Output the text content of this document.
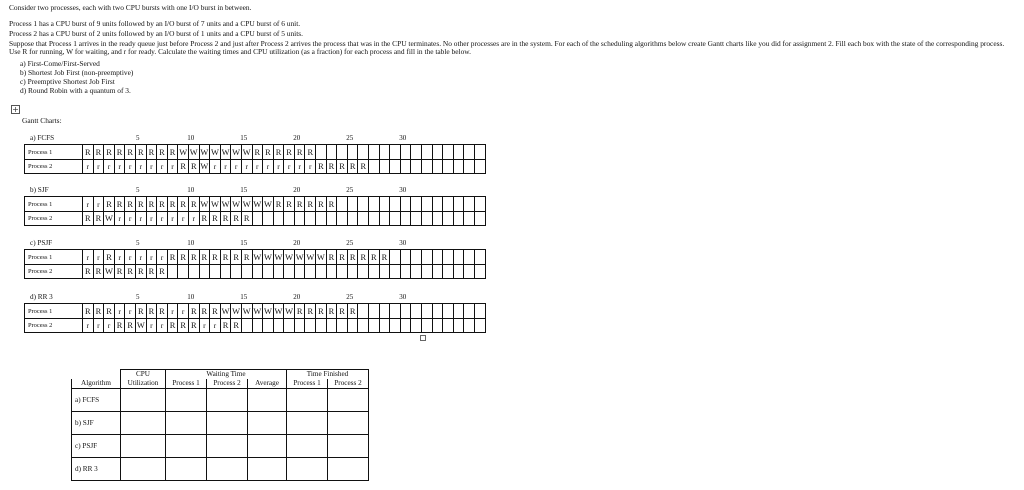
Consider two processes, each with two CPU bursts with one I/O burst in between.
Process 1 has a CPU burst of 9 units followed by an I/O burst of 7 units and a CPU burst of 6 unit.
Process 2 has a CPU burst of 2 units followed by an I/O burst of 1 units and a CPU burst of 5 units.
Suppose that Process 1 arrives in the ready queue just before Process 2 and just after Process 2 arrives the process that was in the CPU terminates. No other processes are in the system. For each of the scheduling algorithms below create Gantt charts like you did for assignment 2. Fill each box with the state of the corresponding process. Use R for running, W for waiting, and r for ready. Calculate the waiting times and CPU utilization (as a fraction) for each process and fill in the table below.
a) First-Come/First-Served
b) Shortest Job First (non-preemptive)
c) Preemptive Shortest Job First
d) Round Robin with a quantum of 3.
+
Gantt Charts:
a) FCFS	5	10	15	20	25	30
Process 1	R R R R R R R R R W W W W W W W R R R R R R
Process 2	r	r	r	r	r	r	r	r	r R R W r	r	r	r	r	r	r	r	r	r R R R R R
b) SJF	5	10	15	20	25	30
Process 1	r	r R R R R R R R R R W W W W W W W R R R R R R
Process 2	R R W r	r	r	r	r	r	r	r R R R R R
c) PSJF	5	10	15	20	25	30
Process 1	r	r R r	r	r	r	r R R R R R R R R W W W W W W W R R R R R R
Process 2	R R W R R R R R
d) RR 3	5	10	15	20	25	30
Process 1	R R R r	r R R R r	r R R R W W W W W W W R R R R R R
Process 2	r	r	r R R W r	r R R R r	r R R
	CPU	Waiting Time			Time Finished	
Algorithm	Utilization	Process 1	Process 2	Average	Process 1	Process 2
a) FCFS						
b) SJF						
c) PSJF						
d) RR 3						
